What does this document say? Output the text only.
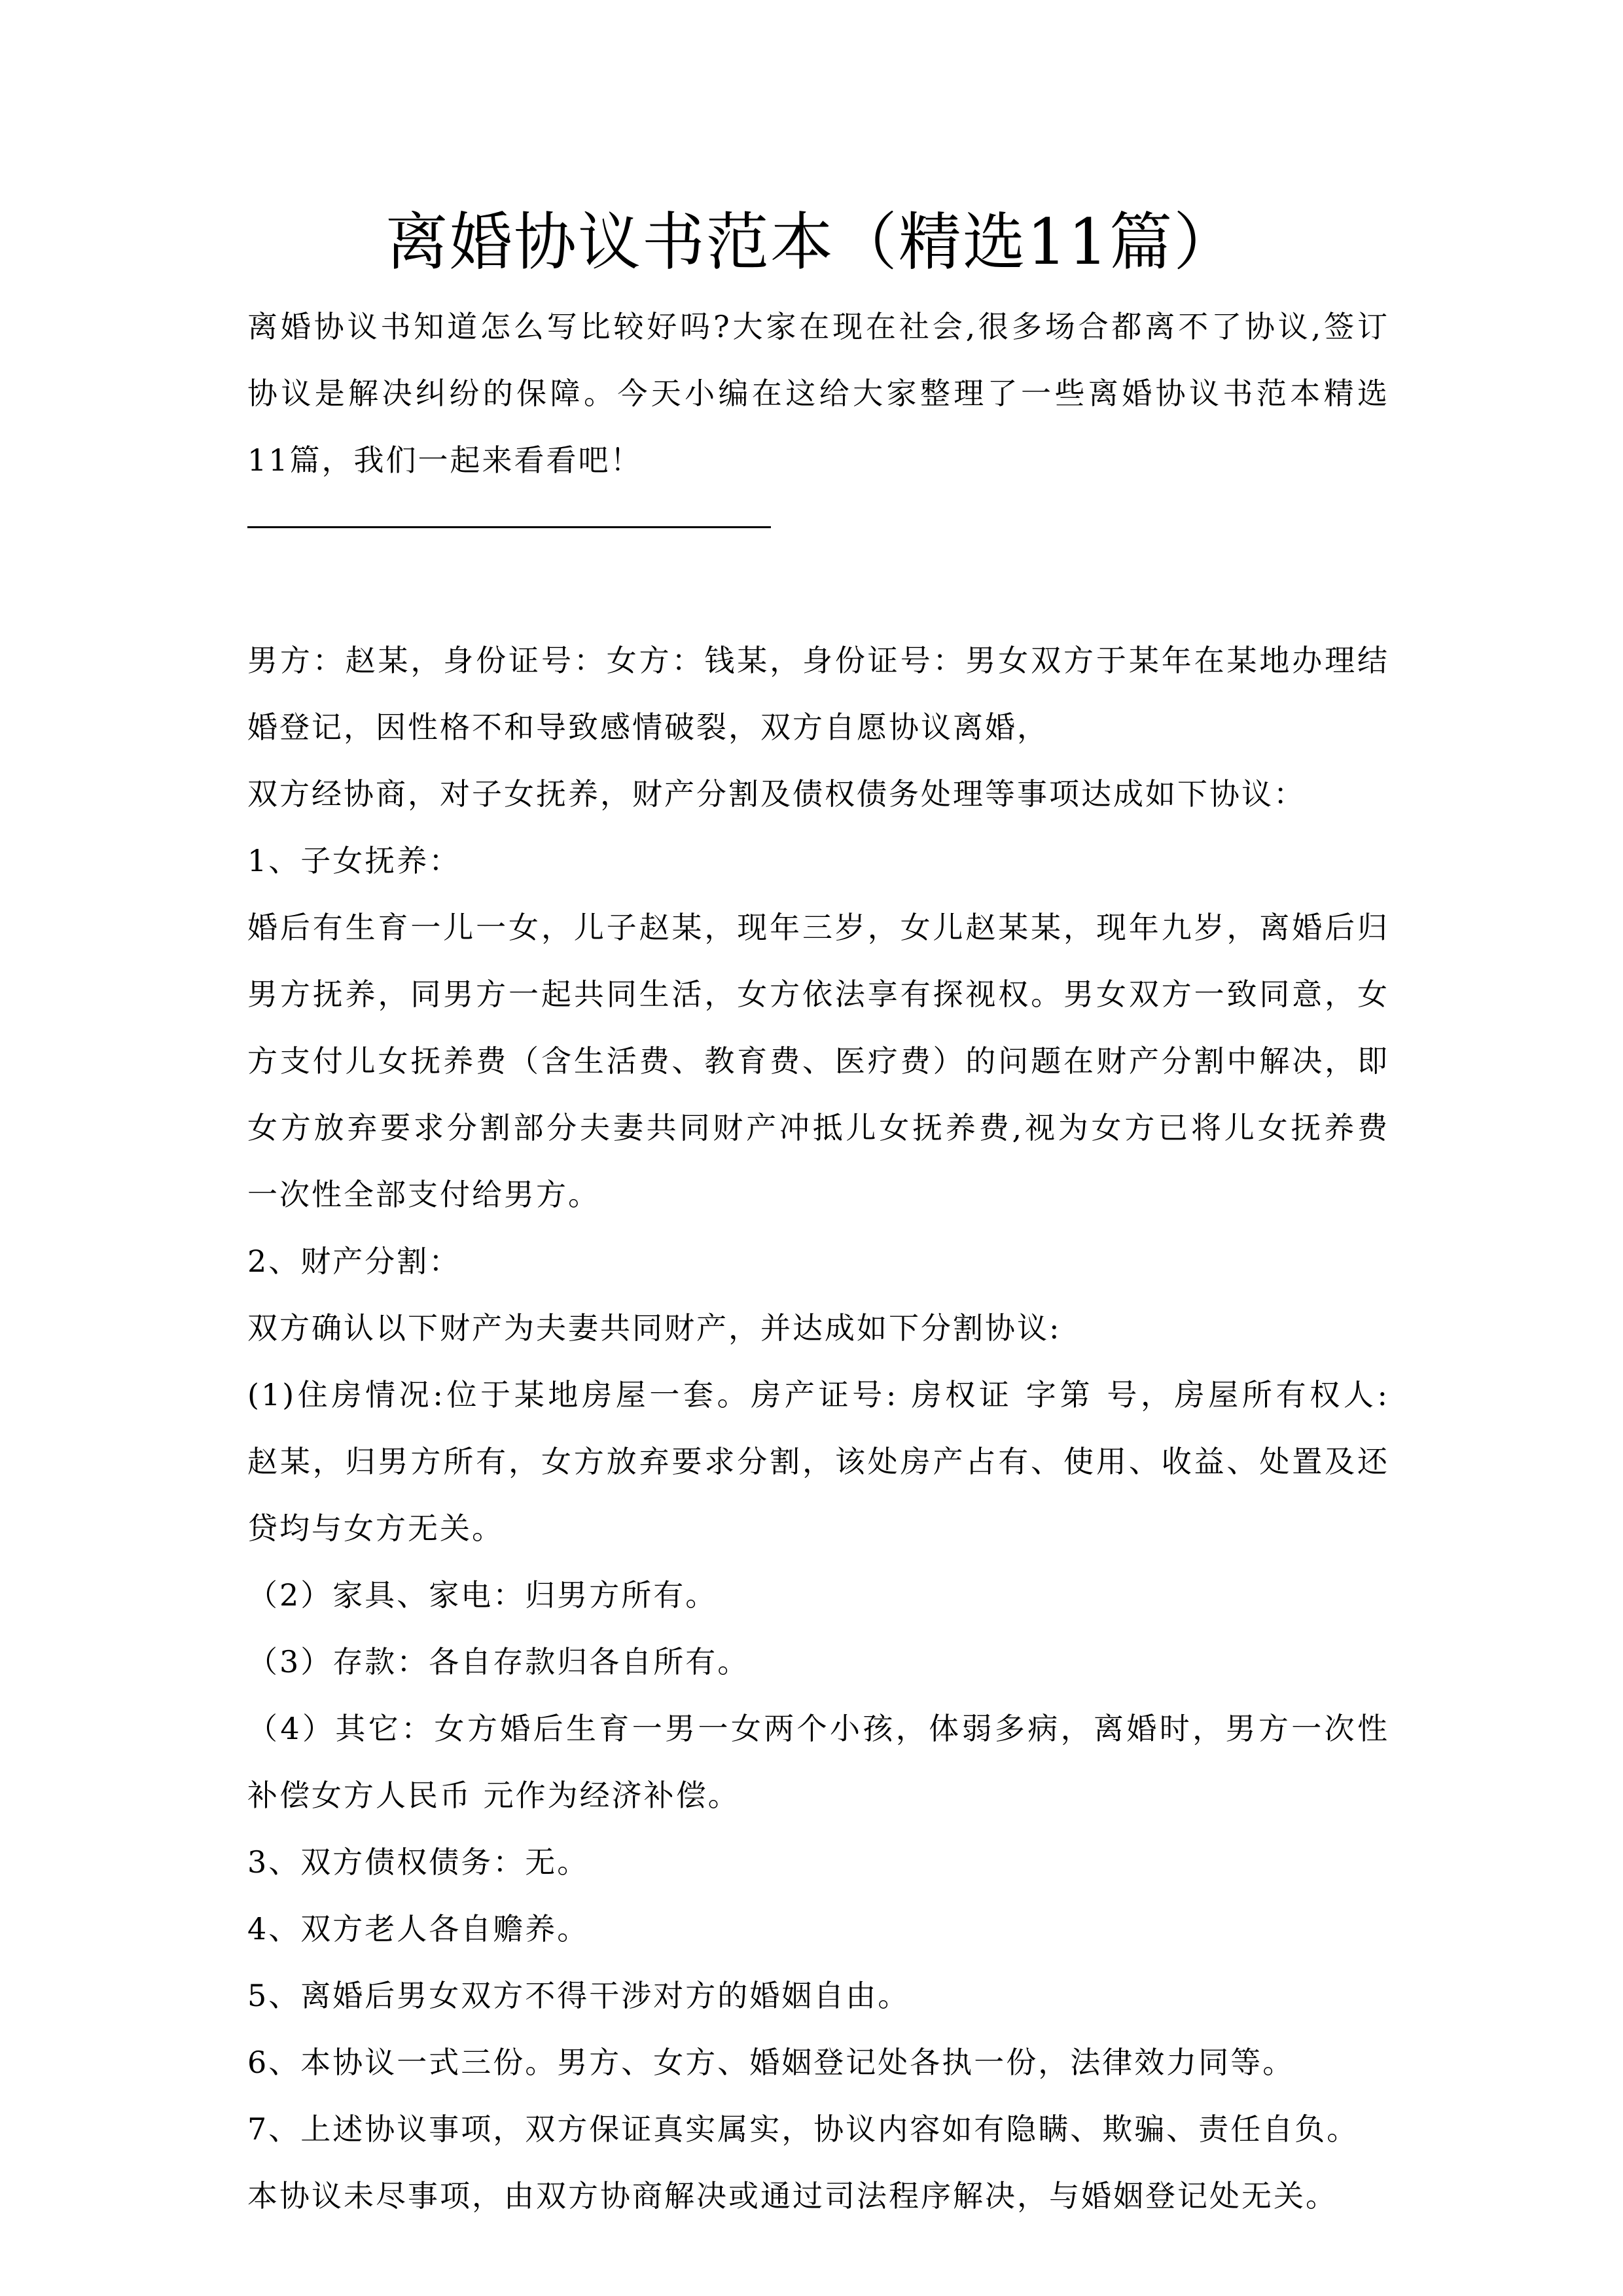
离婚协议书范本（精选11篇）

离婚协议书知道怎么写比较好吗?大家在现在社会,很多场合都离不了协议,签订

协议是解决纠纷的保障。今天小编在这给大家整理了一些离婚协议书范本精选

11篇，我们一起来看看吧！

男方：赵某，身份证号：女方：钱某，身份证号：男女双方于某年在某地办理结

婚登记，因性格不和导致感情破裂，双方自愿协议离婚，

双方经协商，对子女抚养，财产分割及债权债务处理等事项达成如下协议：

1、子女抚养：

婚后有生育一儿一女，儿子赵某，现年三岁，女儿赵某某，现年九岁，离婚后归

男方抚养，同男方一起共同生活，女方依法享有探视权。男女双方一致同意，女

方支付儿女抚养费（含生活费、教育费、医疗费）的问题在财产分割中解决，即

女方放弃要求分割部分夫妻共同财产冲抵儿女抚养费,视为女方已将儿女抚养费

一次性全部支付给男方。

2、财产分割：

双方确认以下财产为夫妻共同财产，并达成如下分割协议:

(1)住房情况:位于某地房屋一套。房产证号: 房权证 字第 号，房屋所有权人:

赵某，归男方所有，女方放弃要求分割，该处房产占有、使用、收益、处置及还

贷均与女方无关。

（2）家具、家电：归男方所有。

（3）存款：各自存款归各自所有。

（4）其它：女方婚后生育一男一女两个小孩，体弱多病，离婚时，男方一次性

补偿女方人民币 元作为经济补偿。

3、双方债权债务：无。

4、双方老人各自赡养。

5、离婚后男女双方不得干涉对方的婚姻自由。

6、本协议一式三份。男方、女方、婚姻登记处各执一份，法律效力同等。

7、上述协议事项，双方保证真实属实，协议内容如有隐瞒、欺骗、责任自负。

本协议未尽事项，由双方协商解决或通过司法程序解决，与婚姻登记处无关。
